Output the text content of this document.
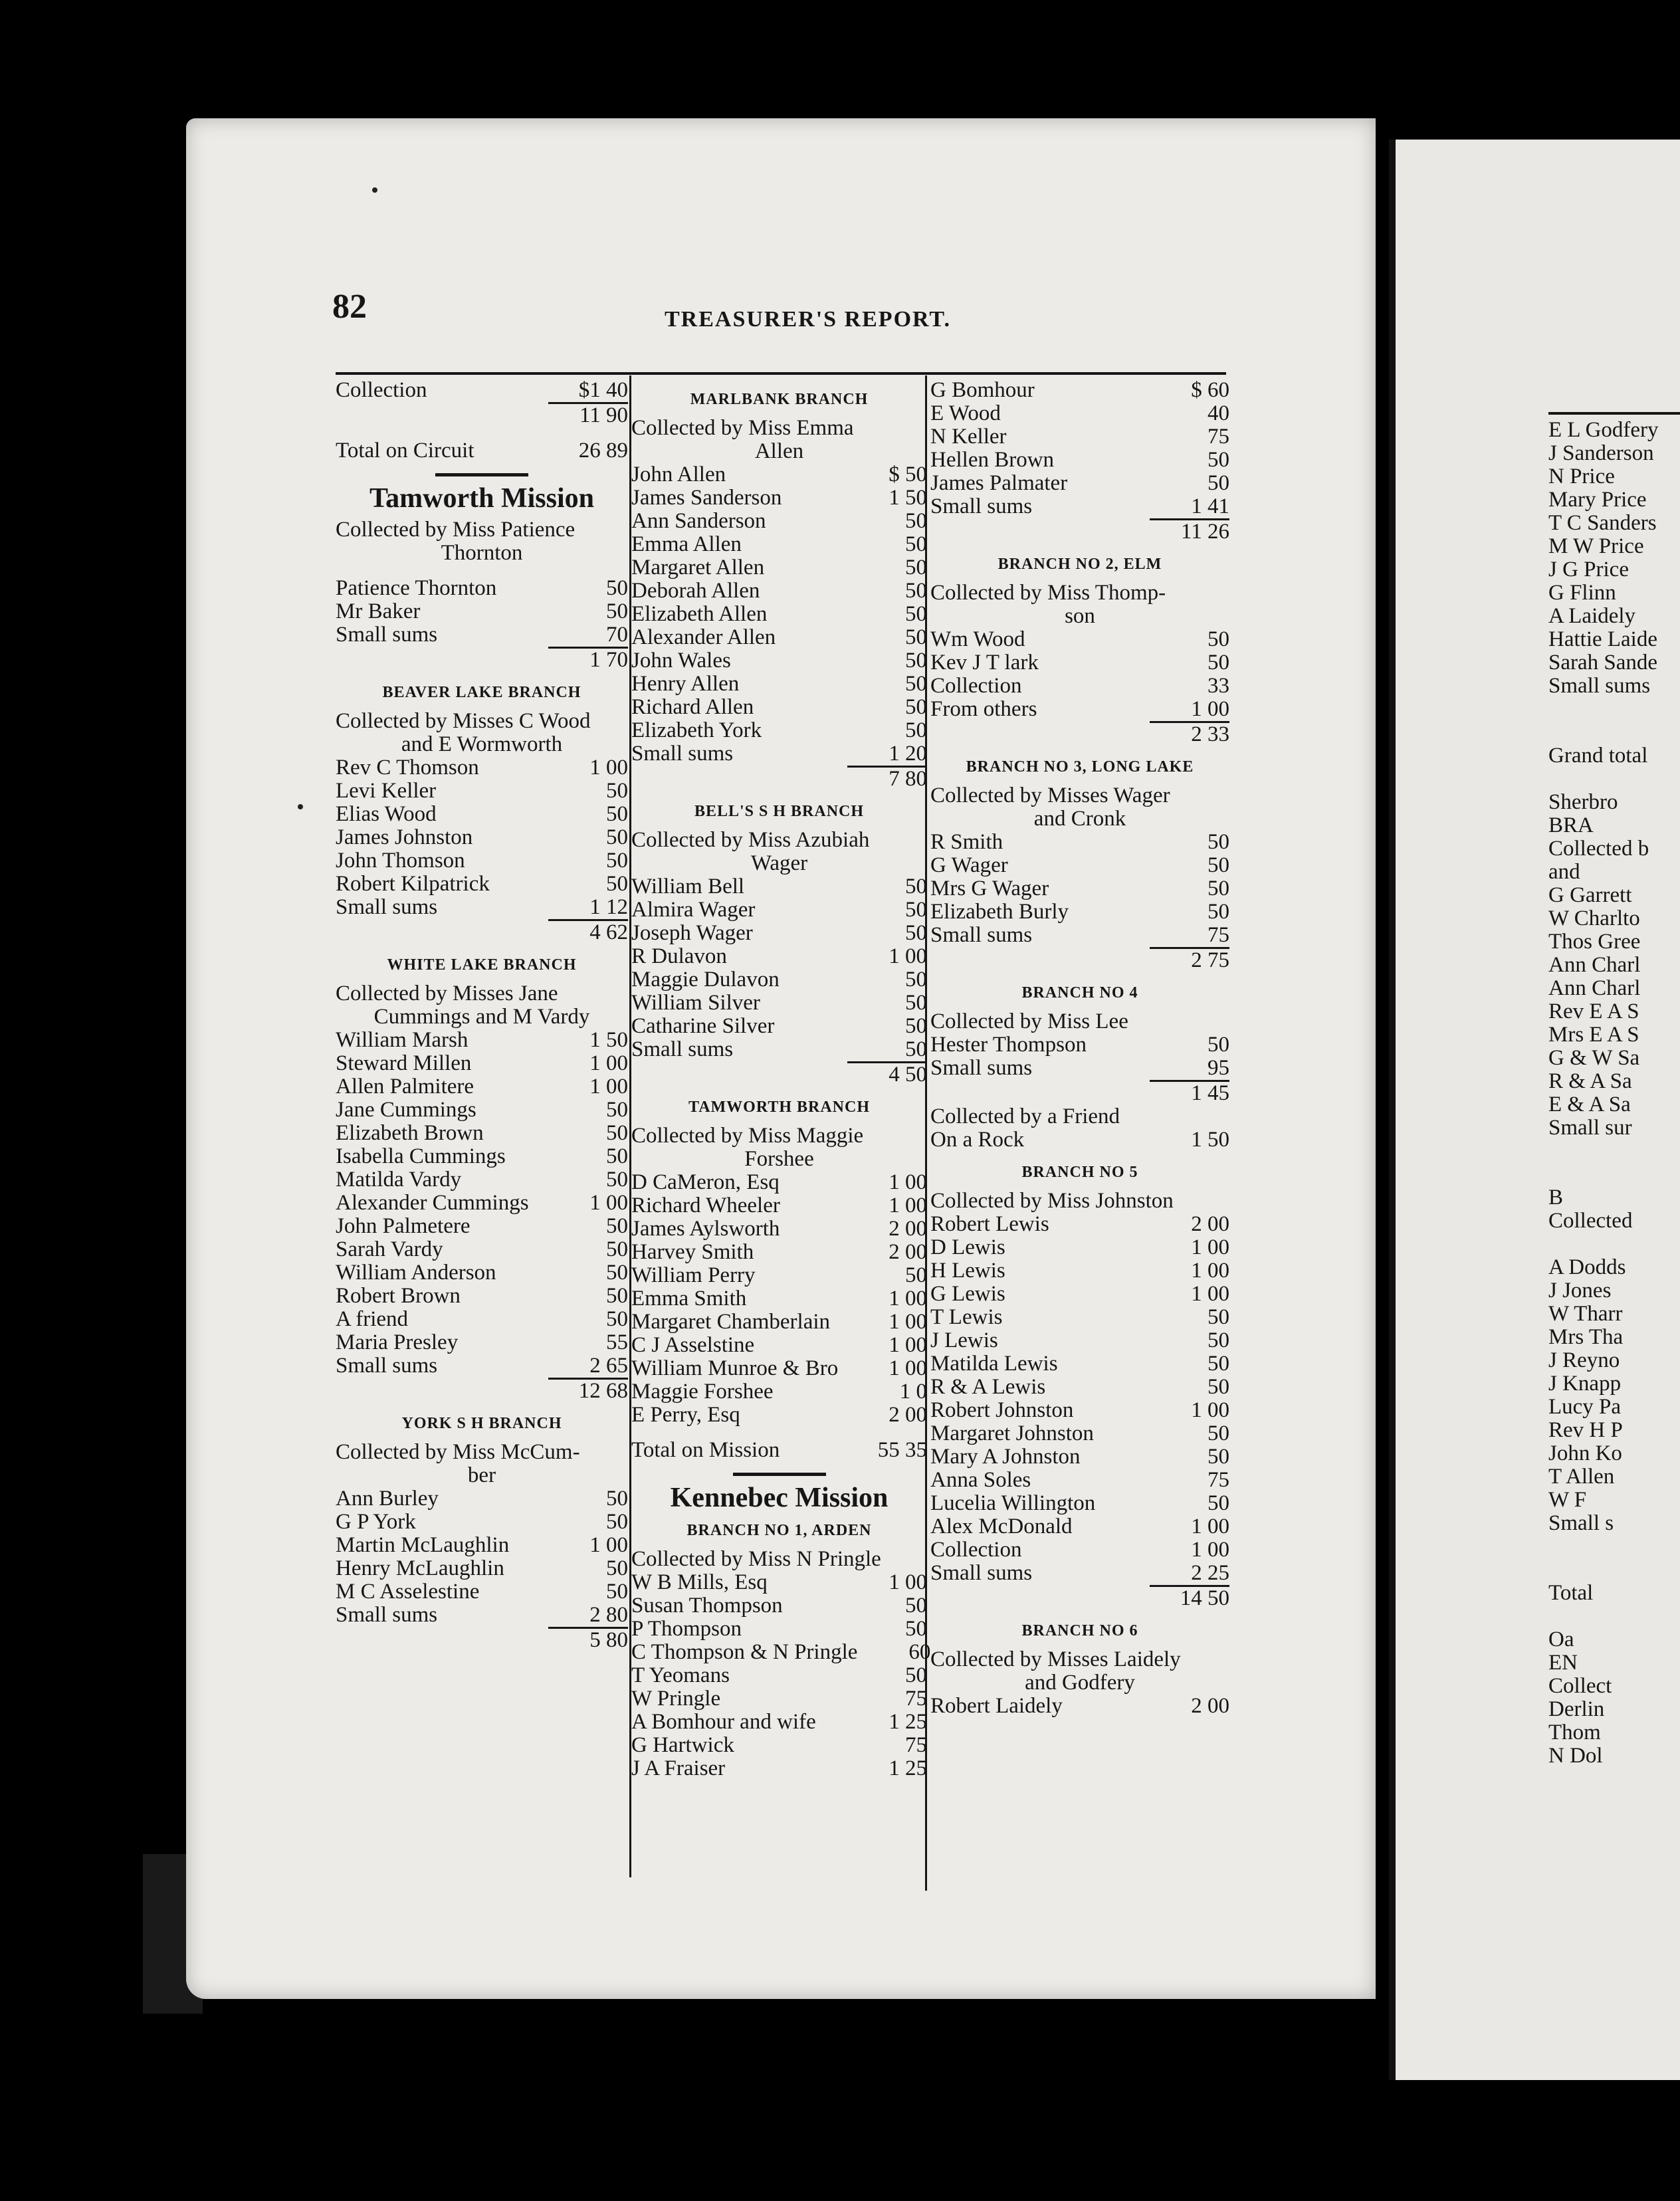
82	TREASURER'S REPORT.
Collection	$1 40
11 90
Total on Circuit	26 89
Tamworth Mission
Collected by Miss Patience
Thornton
Patience Thornton	50
Mr Baker	50
Small sums	70
1 70
BEAVER LAKE BRANCH
Collected by Misses C Wood
and E Wormworth
Rev C Thomson	1 00
Levi Keller	50
Elias Wood	50
James Johnston	50
John Thomson	50
Robert Kilpatrick	50
Small sums	1 12
4 62
WHITE LAKE BRANCH
Collected by Misses Jane
Cummings and M Vardy
William Marsh	1 50
Steward Millen	1 00
Allen Palmitere	1 00
Jane Cummings	50
Elizabeth Brown	50
Isabella Cummings	50
Matilda Vardy	50
Alexander Cummings	1 00
John Palmetere	50
Sarah Vardy	50
William Anderson	50
Robert Brown	50
A friend	50
Maria Presley	55
Small sums	2 65
12 68
YORK S H BRANCH
Collected by Miss McCum-
ber
Ann Burley	50
G P York	50
Martin McLaughlin	1 00
Henry McLaughlin	50
M C Asselestine	50
Small sums	2 80
5 80
MARLBANK BRANCH
Collected by Miss Emma
Allen
John Allen	$ 50
James Sanderson	1 50
Ann Sanderson	50
Emma Allen	50
Margaret Allen	50
Deborah Allen	50
Elizabeth Allen	50
Alexander Allen	50
John Wales	50
Henry Allen	50
Richard Allen	50
Elizabeth York	50
Small sums	1 20
7 80
BELL'S S H BRANCH
Collected by Miss Azubiah
Wager
William Bell	50
Almira Wager	50
Joseph Wager	50
R Dulavon	1 00
Maggie Dulavon	50
William Silver	50
Catharine Silver	50
Small sums	50
4 50
TAMWORTH BRANCH
Collected by Miss Maggie
Forshee
D CaMeron, Esq	1 00
Richard Wheeler	1 00
James Aylsworth	2 00
Harvey Smith	2 00
William Perry	50
Emma Smith	1 00
Margaret Chamberlain	1 00
C J Asselstine	1 00
William Munroe & Bro	1 00
Maggie Forshee	1 0
E Perry, Esq	2 00
Total on Mission	55 35
Kennebec Mission
BRANCH NO 1, ARDEN
Collected by Miss N Pringle
W B Mills, Esq	1 00
Susan Thompson	50
P Thompson	50
C Thompson & N Pringle	60
T Yeomans	50
W Pringle	75
A Bomhour and wife	1 25
G Hartwick	75
J A Fraiser	1 25
G Bomhour	$ 60
E Wood	40
N Keller	75
Hellen Brown	50
James Palmater	50
Small sums	1 41
11 26
BRANCH NO 2, ELM
Collected by Miss Thomp-
son
Wm Wood	50
Kev J T lark	50
Collection	33
From others	1 00
2 33
BRANCH NO 3, LONG LAKE
Collected by Misses Wager
and Cronk
R Smith	50
G Wager	50
Mrs G Wager	50
Elizabeth Burly	50
Small sums	75
2 75
BRANCH NO 4
Collected by Miss Lee
Hester Thompson	50
Small sums	95
1 45
Collected by a Friend
On a Rock	1 50
BRANCH NO 5
Collected by Miss Johnston
Robert Lewis	2 00
D Lewis	1 00
H Lewis	1 00
G Lewis	1 00
T Lewis	50
J Lewis	50
Matilda Lewis	50
R & A Lewis	50
Robert Johnston	1 00
Margaret Johnston	50
Mary A Johnston	50
Anna Soles	75
Lucelia Willington	50
Alex McDonald	1 00
Collection	1 00
Small sums	2 25
14 50
BRANCH NO 6
Collected by Misses Laidely
and Godfery
Robert Laidely	2 00
E L Godfery
J Sanderson
N Price
Mary Price
T C Sanders
M W Price
J G Price
G Flinn
A Laidely
Hattie Laide
Sarah Sande
Small sums
Grand total
Sherbro
BRA
Collected b
and
G Garrett
W Charlto
Thos Gree
Ann Charl
Ann Charl
Rev E A S
Mrs E A S
G & W Sa
R & A Sa
E & A Sa
Small sur
B
Collected
A Dodds
J Jones
W Tharr
Mrs Tha
J Reyno
J Knapp
Lucy Pa
Rev H P
John Ko
T Allen
W F
Small s
Total
Oa
EN
Collect
Derlin
Thom
N Dol
